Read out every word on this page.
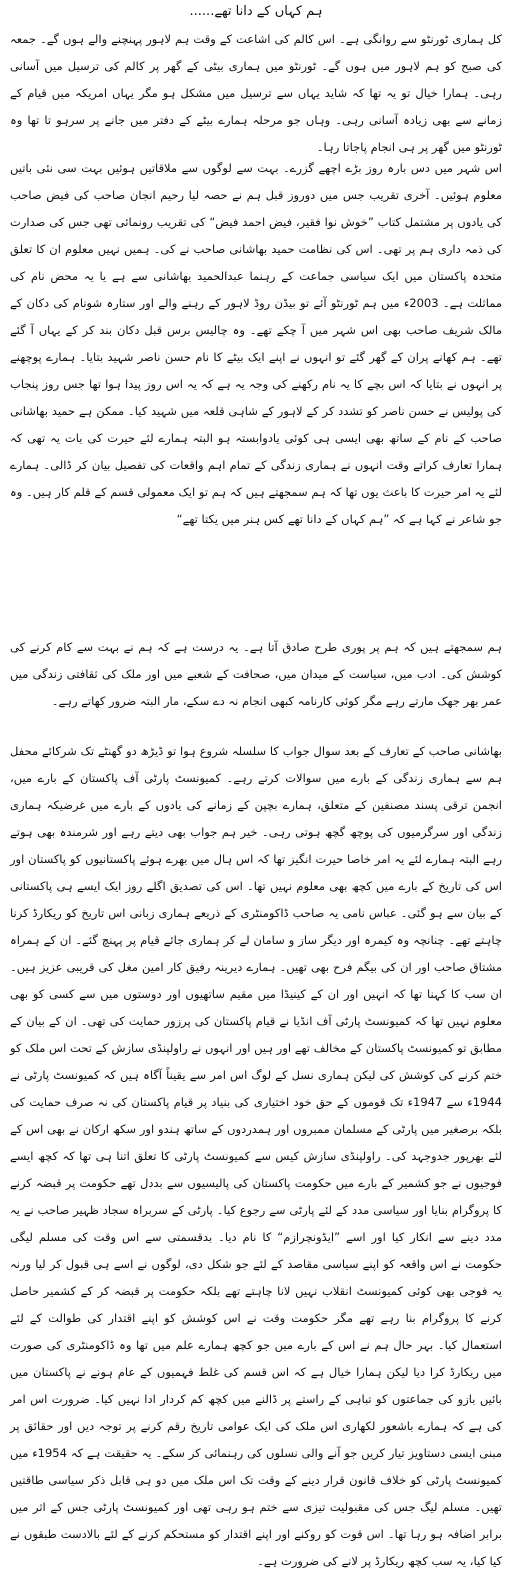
ہم کہاں کے دانا تھے......

کل ہماری ٹورنٹو سے روانگی ہے۔ اس کالم کی اشاعت کے وقت ہم لاہور پہنچنے والے ہوں گے۔ جمعہ کی صبح کو ہم لاہور میں ہوں گے۔ ٹورنٹو میں ہماری بیٹی کے گھر پر کالم کی ترسیل میں آسانی رہی۔ ہمارا خیال تو یہ تھا کہ شاید یہاں سے ترسیل میں مشکل ہو مگر یہاں امریکہ میں قیام کے زمانے سے بھی زیادہ آسانی رہی۔ وہاں جو مرحلہ ہمارے بیٹے کے دفتر میں جانے پر سرہو تا تھا وہ ٹورنٹو میں گھر پر ہی انجام پاجاتا رہا۔

اس شہر میں دس بارہ روز بڑے اچھے گزرے۔ بہت سے لوگوں سے ملاقاتیں ہوئیں بہت سی نئی باتیں معلوم ہوئیں۔ آخری تقریب جس میں دوروز قبل ہم نے حصہ لیا رحیم انجان صاحب کی فیض صاحب کی یادوں پر مشتمل کتاب ”خوش نوا فقیر، فیض احمد فیض“ کی تقریب رونمائی تھی جس کی صدارت کی ذمہ داری ہم پر تھی۔ اس کی نظامت حمید بھاشانی صاحب نے کی۔ ہمیں نہیں معلوم ان کا تعلق متحدہ پاکستان میں ایک سیاسی جماعت کے رہنما عبدالحمید بھاشانی سے ہے یا یہ محض نام کی مماثلت ہے۔ 2003ء میں ہم ٹورنٹو آئے تو بیڈن روڈ لاہور کے رہنے والے اور ستارہ شونام کی دکان کے مالک شریف صاحب بھی اس شہر میں آ چکے تھے۔ وہ چالیس برس قبل دکان بند کر کے یہاں آ گئے تھے۔ ہم کھانے پران کے گھر گئے تو انہوں نے اپنے ایک بیٹے کا نام حسن ناصر شہید بتایا۔ ہمارے پوچھنے پر انہوں نے بتایا کہ اس بچے کا یہ نام رکھنے کی وجہ یہ ہے کہ یہ اس روز پیدا ہوا تھا جس روز پنجاب کی پولیس نے حسن ناصر کو تشدد کر کے لاہور کے شاہی قلعہ میں شہید کیا۔ ممکن ہے حمید بھاشانی صاحب کے نام کے ساتھ بھی ایسی ہی کوئی یادوابستہ ہو البتہ ہمارے لئے حیرت کی بات یہ تھی کہ ہمارا تعارف کراتے وقت انہوں نے ہماری زندگی کے تمام اہم واقعات کی تفصیل بیان کر ڈالی۔ ہمارے لئے یہ امر حیرت کا باعث یوں تھا کہ ہم سمجھتے ہیں کہ ہم تو ایک معمولی قسم کے قلم کار ہیں۔ وہ جو شاعر نے کہا ہے کہ ”ہم کہاں کے دانا تھے کس ہنر میں یکتا تھے“

ہم سمجھتے ہیں کہ ہم پر پوری طرح صادق آتا ہے۔ یہ درست ہے کہ ہم نے بہت سے کام کرنے کی کوشش کی۔ ادب میں، سیاست کے میدان میں، صحافت کے شعبے میں اور ملک کی ثقافتی زندگی میں عمر بھر جھک مارتے رہے مگر کوئی کارنامہ کبھی انجام نہ دے سکے، مار البتہ ضرور کھاتے رہے۔

بھاشانی صاحب کے تعارف کے بعد سوال جواب کا سلسلہ شروع ہوا تو ڈیڑھ دو گھنٹے تک شرکائے محفل ہم سے ہماری زندگی کے بارے میں سوالات کرتے رہے۔ کمیونسٹ پارٹی آف پاکستان کے بارے میں، انجمن ترقی پسند مصنفین کے متعلق، ہمارے بچپن کے زمانے کی یادوں کے بارے میں غرضیکہ ہماری زندگی اور سرگرمیوں کی پوچھ گچھ ہوتی رہی۔ خیر ہم جواب بھی دیتے رہے اور شرمندہ بھی ہوتے رہے البتہ ہمارے لئے یہ امر خاصا حیرت انگیز تھا کہ اس ہال میں بھرے ہوئے پاکستانیوں کو پاکستان اور اس کی تاریخ کے بارے میں کچھ بھی معلوم نہیں تھا۔ اس کی تصدیق اگلے روز ایک ایسے ہی پاکستانی کے بیان سے ہو گئی۔ عباس نامی یہ صاحب ڈاکومنٹری کے ذریعے ہماری زبانی اس تاریخ کو ریکارڈ کرنا چاہتے تھے۔ چنانچہ وہ کیمرہ اور دیگر ساز و سامان لے کر ہماری جائے قیام پر پہنچ گئے۔ ان کے ہمراہ مشتاق صاحب اور ان کی بیگم فرح بھی تھیں۔ ہمارے دیرینہ رفیق کار امین مغل کی قریبی عزیز ہیں۔ ان سب کا کہنا تھا کہ انہیں اور ان کے کینیڈا میں مقیم ساتھیوں اور دوستوں میں سے کسی کو بھی معلوم نہیں تھا کہ کمیونسٹ پارٹی آف انڈیا نے قیام پاکستان کی پرزور حمایت کی تھی۔ ان کے بیان کے مطابق تو کمیونسٹ پاکستان کے مخالف تھے اور ہیں اور انہوں نے راولپنڈی سازش کے تحت اس ملک کو ختم کرنے کی کوشش کی لیکن ہماری نسل کے لوگ اس امر سے یقیناً آگاہ ہیں کہ کمیونسٹ پارٹی نے 1944ء سے 1947ء تک قوموں کے حق خود اختیاری کی بنیاد پر قیام پاکستان کی نہ صرف حمایت کی بلکہ برصغیر میں پارٹی کے مسلمان ممبروں اور ہمدردوں کے ساتھ ہندو اور سکھ ارکان نے بھی اس کے لئے بھرپور جدوجہد کی۔ راولپنڈی سازش کیس سے کمیونسٹ پارٹی کا تعلق اتنا ہی تھا کہ کچھ ایسے فوجیوں نے جو کشمیر کے بارے میں حکومت پاکستان کی پالیسیوں سے بددل تھے حکومت پر قبضہ کرنے کا پروگرام بنایا اور سیاسی مدد کے لئے پارٹی سے رجوع کیا۔ پارٹی کے سربراہ سجاد ظہیر صاحب نے یہ مدد دینے سے انکار کیا اور اسے ”ایڈونچرازم“ کا نام دیا۔ بدقسمتی سے اس وقت کی مسلم لیگی حکومت نے اس واقعہ کو اپنے سیاسی مقاصد کے لئے جو شکل دی، لوگوں نے اسے ہی قبول کر لیا ورنہ یہ فوجی بھی کوئی کمیونسٹ انقلاب نہیں لانا چاہتے تھے بلکہ حکومت پر قبضہ کر کے کشمیر حاصل کرنے کا پروگرام بنا رہے تھے مگر حکومت وقت نے اس کوشش کو اپنے اقتدار کی طوالت کے لئے استعمال کیا۔ بہر حال ہم نے اس کے بارے میں جو کچھ ہمارے علم میں تھا وہ ڈاکومنٹری کی صورت میں ریکارڈ کرا دیا لیکن ہمارا خیال ہے کہ اس قسم کی غلط فہمیوں کے عام ہونے نے پاکستان میں بائیں بازو کی جماعتوں کو تباہی کے راستے پر ڈالنے میں کچھ کم کردار ادا نہیں کیا۔ ضرورت اس امر کی ہے کہ ہمارے باشعور لکھاری اس ملک کی ایک عوامی تاریخ رقم کرنے پر توجہ دیں اور حقائق پر مبنی ایسی دستاویز تیار کریں جو آنے والی نسلوں کی رہنمائی کر سکے۔ یہ حقیقت ہے کہ 1954ء میں کمیونسٹ پارٹی کو خلاف قانون قرار دینے کے وقت تک اس ملک میں دو ہی قابل ذکر سیاسی طاقتیں تھیں۔ مسلم لیگ جس کی مقبولیت تیزی سے ختم ہو رہی تھی اور کمیونسٹ پارٹی جس کے اثر میں برابر اضافہ ہو رہا تھا۔ اس قوت کو روکنے اور اپنے اقتدار کو مستحکم کرنے کے لئے بالادست طبقوں نے کیا کیا، یہ سب کچھ ریکارڈ پر لانے کی ضرورت ہے۔
